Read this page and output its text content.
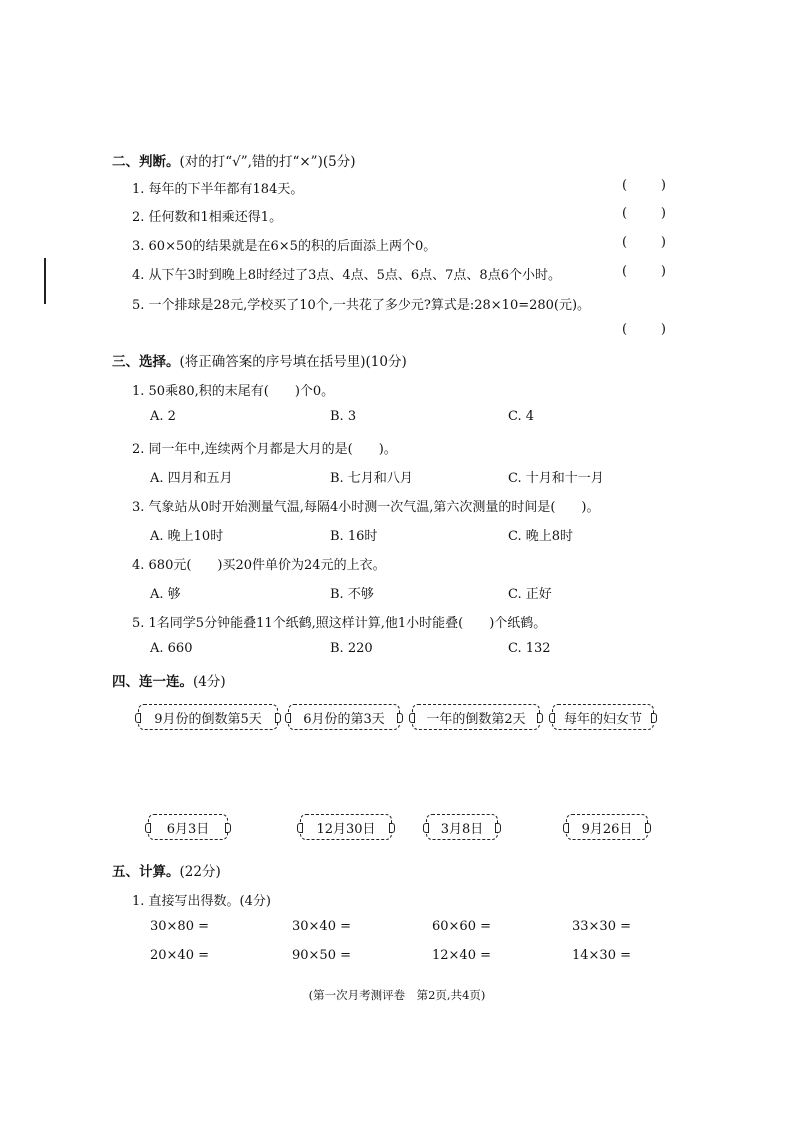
二、判断。(对的打“√”,错的打“×”)(5分)
1. 每年的下半年都有184天。	(	)
2. 任何数和1相乘还得1。	(	)
3. 60×50的结果就是在6×5的积的后面添上两个0。	(	)
4. 从下午3时到晚上8时经过了3点、4点、5点、6点、7点、8点6个小时。	(	)
5. 一个排球是28元,学校买了10个,一共花了多少元?算式是:28×10=280(元)。
(	)
三、选择。(将正确答案的序号填在括号里)(10分)
1. 50乘80,积的末尾有(　　)个0。
A. 2	B. 3	C. 4
2. 同一年中,连续两个月都是大月的是(　　)。
A. 四月和五月	B. 七月和八月	C. 十月和十一月
3. 气象站从0时开始测量气温,每隔4小时测一次气温,第六次测量的时间是(　　)。
A. 晚上10时	B. 16时	C. 晚上8时
4. 680元(　　)买20件单价为24元的上衣。
A. 够	B. 不够	C. 正好
5. 1名同学5分钟能叠11个纸鹤,照这样计算,他1小时能叠(　　)个纸鹤。
A. 660	B. 220	C. 132
四、连一连。(4分)
9月份的倒数第5天	6月份的第3天	一年的倒数第2天	每年的妇女节
6月3日	12月30日	3月8日	9月26日
五、计算。(22分)
1. 直接写出得数。(4分)
30×80 =	30×40 =	60×60 =	33×30 =
20×40 =	90×50 =	12×40 =	14×30 =
(第一次月考测评卷　第2页,共4页)
